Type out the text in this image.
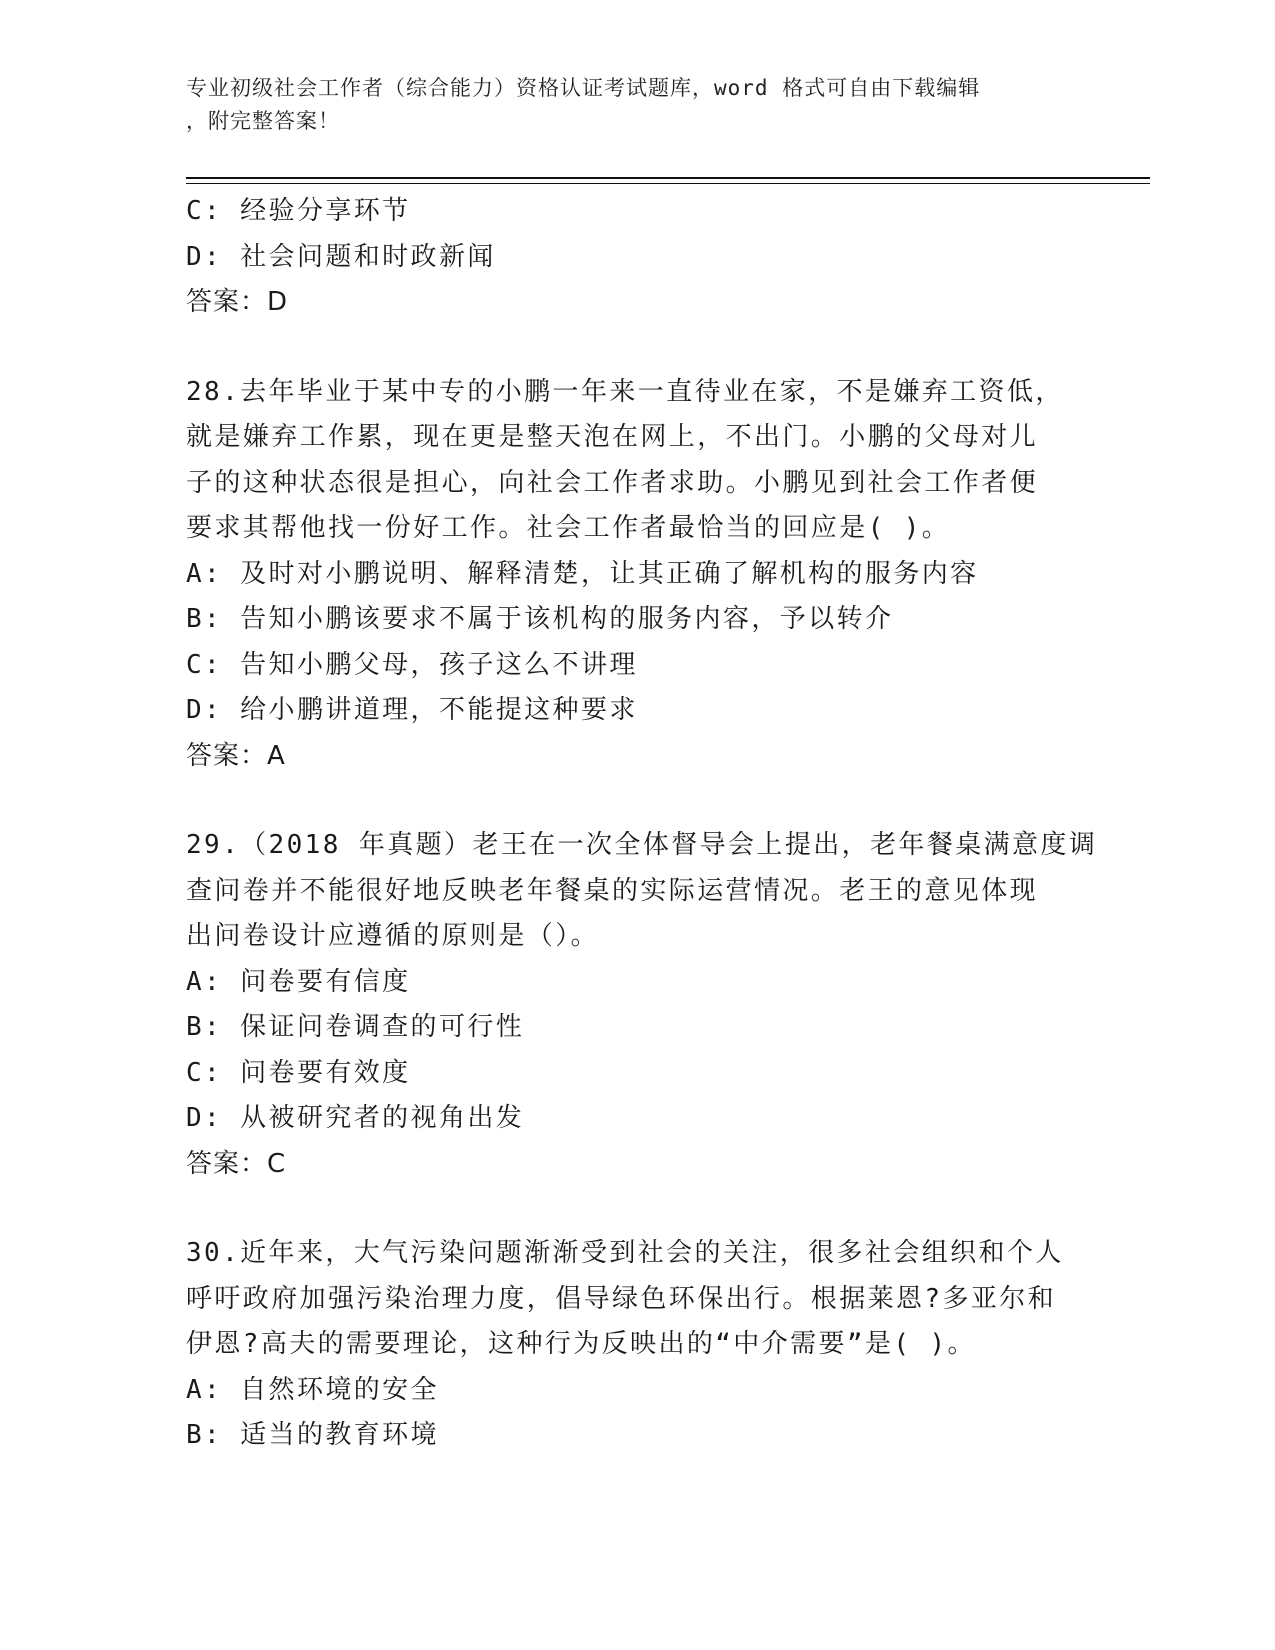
专业初级社会工作者（综合能力）资格认证考试题库，word 格式可自由下载编辑
，附完整答案！
C: 经验分享环节
D: 社会问题和时政新闻
答案：D
28.去年毕业于某中专的小鹏一年来一直待业在家，不是嫌弃工资低，
就是嫌弃工作累，现在更是整天泡在网上，不出门。小鹏的父母对儿
子的这种状态很是担心，向社会工作者求助。小鹏见到社会工作者便
要求其帮他找一份好工作。社会工作者最恰当的回应是( )。
A: 及时对小鹏说明、解释清楚，让其正确了解机构的服务内容
B: 告知小鹏该要求不属于该机构的服务内容，予以转介
C: 告知小鹏父母，孩子这么不讲理
D: 给小鹏讲道理，不能提这种要求
答案：A
29.（2018 年真题）老王在一次全体督导会上提出，老年餐桌满意度调
查问卷并不能很好地反映老年餐桌的实际运营情况。老王的意见体现
出问卷设计应遵循的原则是（）。
A: 问卷要有信度
B: 保证问卷调查的可行性
C: 问卷要有效度
D: 从被研究者的视角出发
答案：C
30.近年来，大气污染问题渐渐受到社会的关注，很多社会组织和个人
呼吁政府加强污染治理力度，倡导绿色环保出行。根据莱恩?多亚尔和
伊恩?高夫的需要理论，这种行为反映出的“中介需要”是( )。
A: 自然环境的安全
B: 适当的教育环境
